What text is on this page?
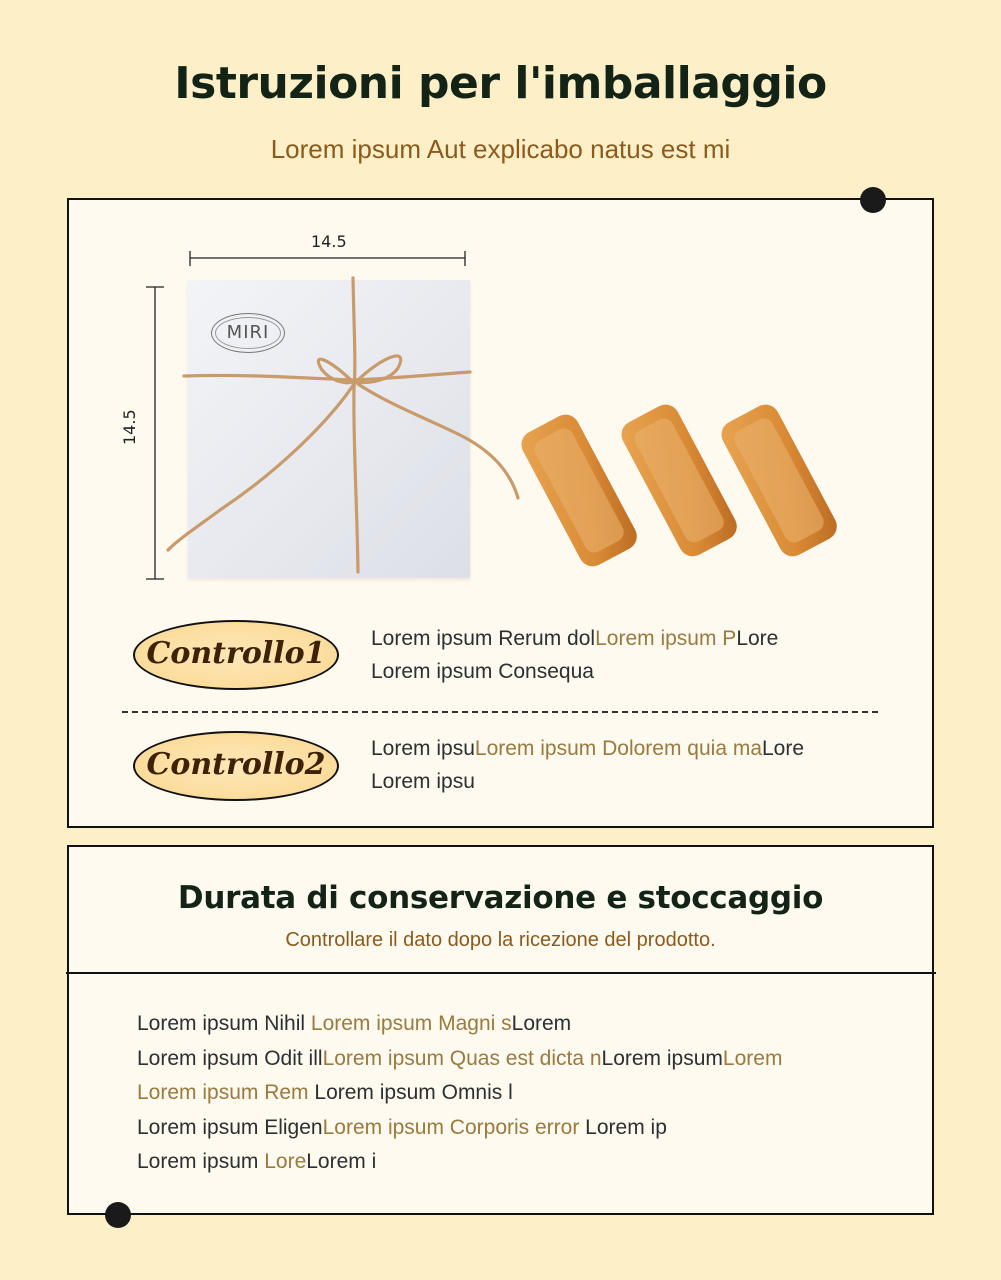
Istruzioni per l'imballaggio
Lorem ipsum Aut explicabo natus est mi
14.5
14.5
MIRI
Controllo1	Lorem ipsum Rerum dolLorem ipsum PLore
Lorem ipsum Consequa
Controllo2	Lorem ipsuLorem ipsum Dolorem quia maLore
Lorem ipsu
Durata di conservazione e stoccaggio
Controllare il dato dopo la ricezione del prodotto.
Lorem ipsum Nihil Lorem ipsum Magni sLorem
Lorem ipsum Odit illLorem ipsum Quas est dicta nLorem ipsumLorem
Lorem ipsum Rem Lorem ipsum Omnis l
Lorem ipsum EligenLorem ipsum Corporis error Lorem ip
Lorem ipsum LoreLorem i
